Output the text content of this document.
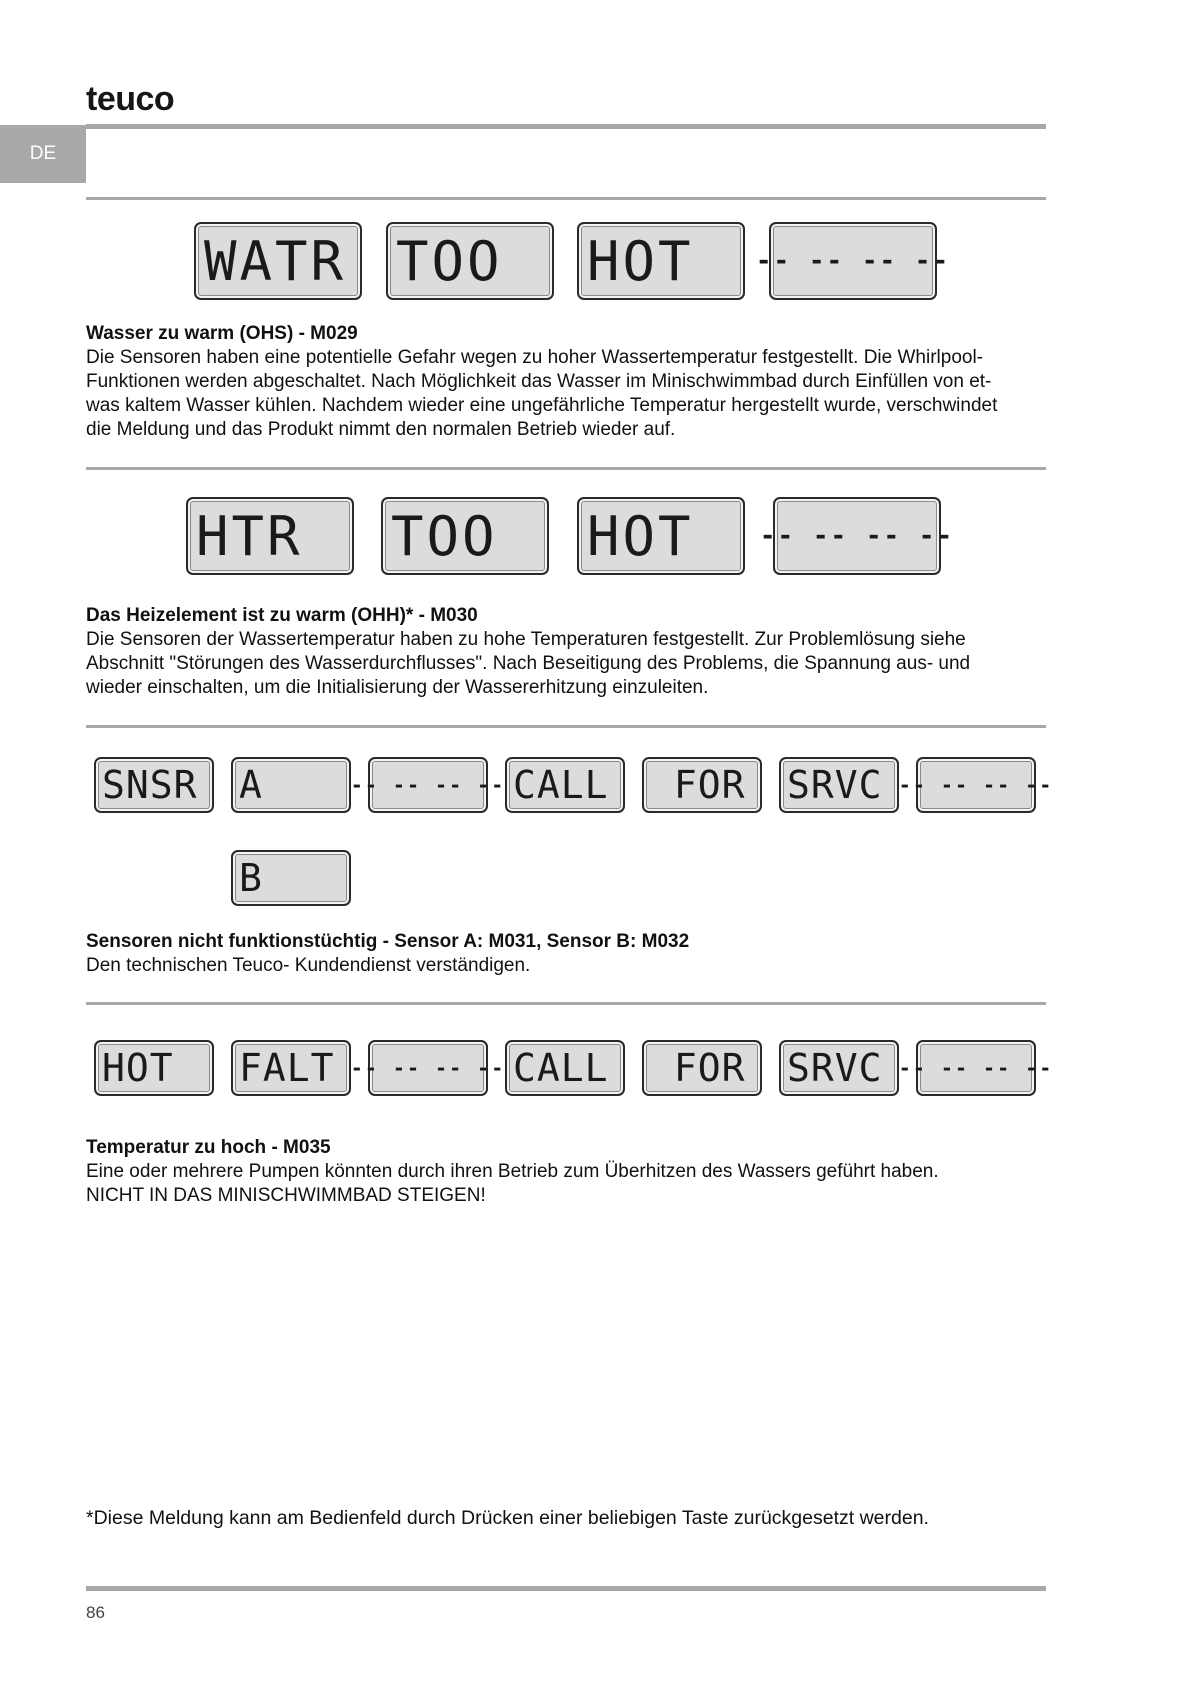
teuco
DE
WATR TOO	HOT	-- -- -- --
Wasser zu warm (OHS) - M029

Die Sensoren haben eine potentielle Gefahr wegen zu hoher Wassertemperatur festgestellt. Die Whirlpool-

Funktionen werden abgeschaltet. Nach Möglichkeit das Wasser im Minischwimmbad durch Einfüllen von et-

was kaltem Wasser kühlen. Nachdem wieder eine ungefährliche Temperatur hergestellt wurde, verschwindet

die Meldung und das Produkt nimmt den normalen Betrieb wieder auf.

HTR	TOO	HOT	-- -- -- --
Das Heizelement ist zu warm (OHH)* - M030

Die Sensoren der Wassertemperatur haben zu hohe Temperaturen festgestellt. Zur Problemlösung siehe

Abschnitt "Störungen des Wasserdurchflusses". Nach Beseitigung des Problems, die Spannung aus- und

wieder einschalten, um die Initialisierung der Wassererhitzung einzuleiten.

SNSR	A	-- -- -- -- CALL	FOR	SRVC -- -- -- --
B
Sensoren nicht funktionstüchtig - Sensor A: M031, Sensor B: M032

Den technischen Teuco- Kundendienst verständigen.

HOT	FALT -- -- -- -- CALL	FOR	SRVC -- -- -- --
Temperatur zu hoch - M035

Eine oder mehrere Pumpen könnten durch ihren Betrieb zum Überhitzen des Wassers geführt haben.

NICHT IN DAS MINISCHWIMMBAD STEIGEN!

*Diese Meldung kann am Bedienfeld durch Drücken einer beliebigen Taste zurückgesetzt werden.
86
